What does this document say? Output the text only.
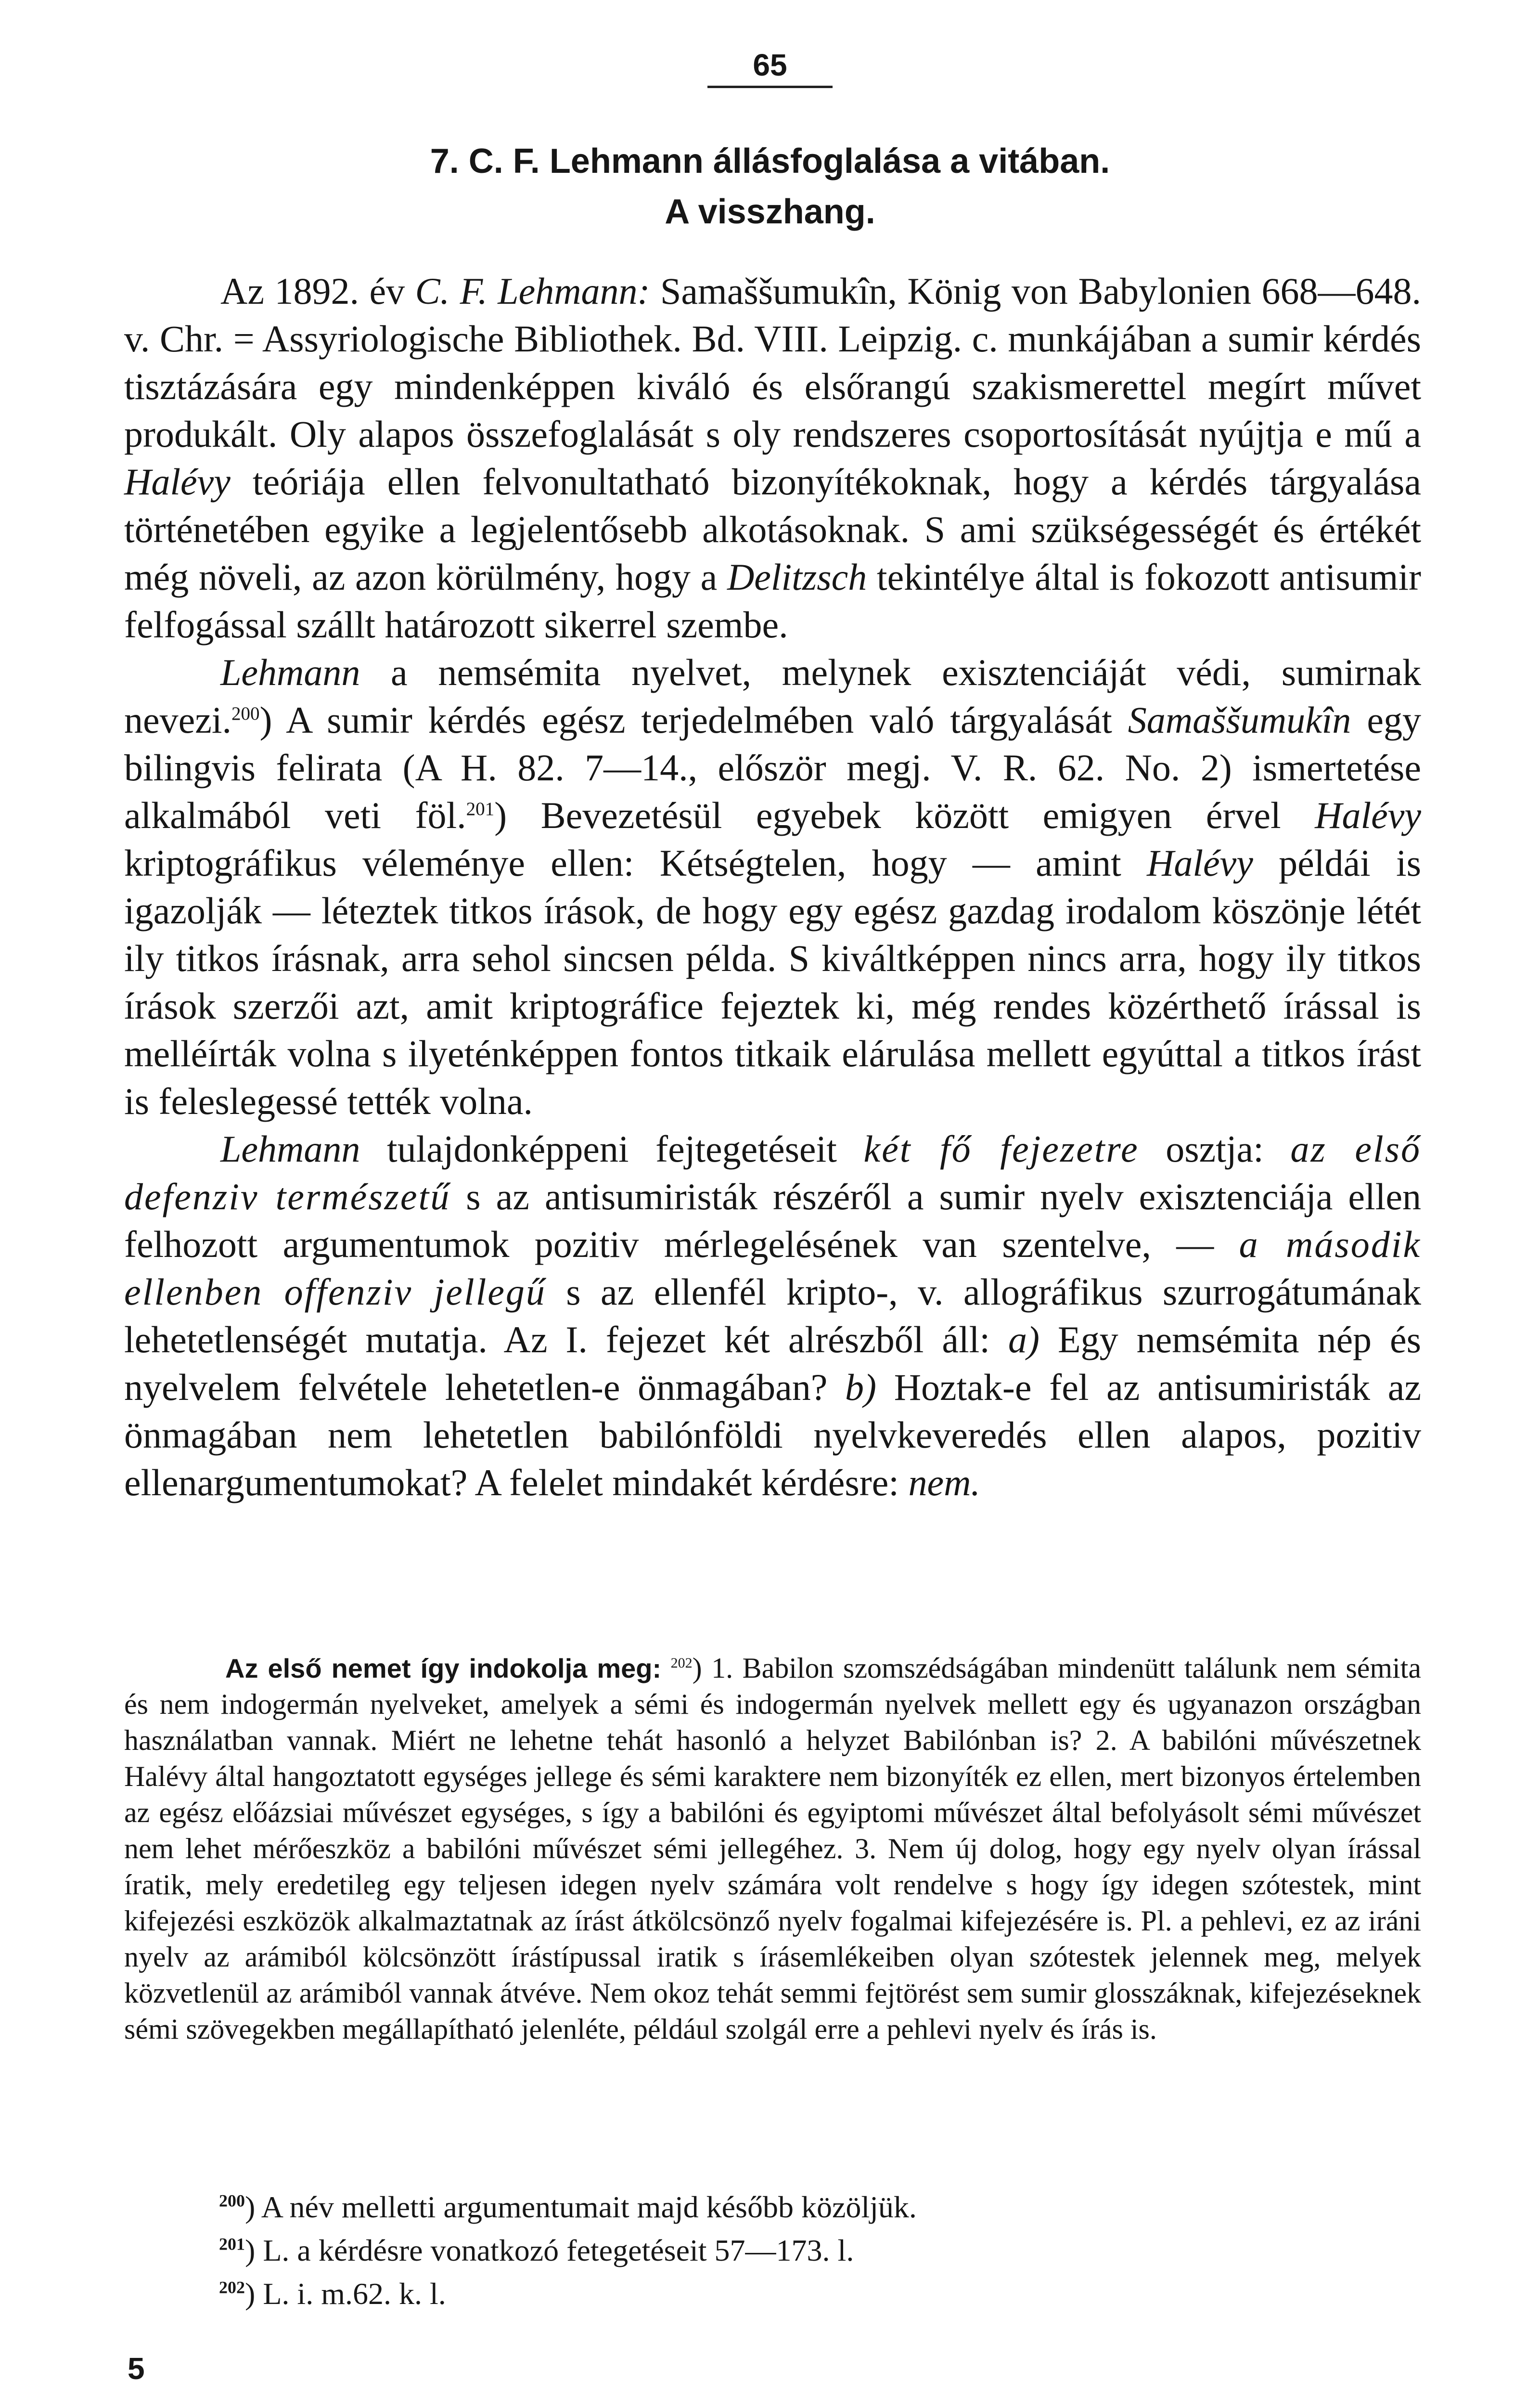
65
7. C. F. Lehmann állásfoglalása a vitában.
A visszhang.

Az 1892. év C. F. Lehmann: Samaššumukîn, König von Babylonien 668—648. v. Chr. = Assyriologische Bibliothek. Bd. VIII. Leipzig. c. munkájában a sumir kérdés tisztázására egy mindenképpen kiváló és elsőrangú szakismerettel megírt művet produkált. Oly alapos összefoglalását s oly rendszeres csoportosítását nyújtja e mű a Halévy teóriája ellen felvonultatható bizonyítékoknak, hogy a kérdés tárgyalása történetében egyike a legjelentősebb alkotásoknak. S ami szükségességét és értékét még növeli, az azon körülmény, hogy a Delitzsch tekintélye által is fokozott antisumir felfogással szállt határozott sikerrel szembe.

Lehmann a nemsémita nyelvet, melynek exisztenciáját védi, sumirnak nevezi.$^{200}$) A sumir kérdés egész terjedelmében való tárgyalását Samaššumukîn egy bilingvis felirata (A H. 82. 7—14., először megj. V. R. 62. No. 2) ismertetése alkalmából veti föl.$^{201}$) Bevezetésül egyebek között emigyen érvel Halévy kriptográfikus véleménye ellen: Kétségtelen, hogy — amint Halévy példái is igazolják — léteztek titkos írások, de hogy egy egész gazdag irodalom köszönje létét ily titkos írásnak, arra sehol sincsen példa. S kiváltképpen nincs arra, hogy ily titkos írások szerzői azt, amit kriptográfice fejeztek ki, még rendes közérthető írással is melléírták volna s ilyeténképpen fontos titkaik elárulása mellett egyúttal a titkos írást is feleslegessé tették volna.

Lehmann tulajdonképpeni fejtegetéseit két fő fejezetre osztja: az első defenziv természetű s az antisumiristák részéről a sumir nyelv exisztenciája ellen felhozott argumentumok pozitiv mérlegelésének van szentelve, — a második ellenben offenziv jellegű s az ellenfél kripto-, v. allográfikus szurrogátumának lehetetlenségét mutatja. Az I. fejezet két alrészből áll: a) Egy nemsémita nép és nyelvelem felvétele lehetetlen-e önmagában? b) Hoztak-e fel az antisumiristák az önmagában nem lehetetlen babilónföldi nyelvkeveredés ellen alapos, pozitiv ellenargumentumokat? A felelet mindakét kérdésre: nem.

Az első nemet így indokolja meg: $^{202}$) 1. Babilon szomszédságában mindenütt találunk nem sémita és nem indogermán nyelveket, amelyek a sémi és indogermán nyelvek mellett egy és ugyanazon országban használatban vannak. Miért ne lehetne tehát hasonló a helyzet Babilónban is? 2. A babilóni művészetnek Halévy által hangoztatott egységes jellege és sémi karaktere nem bizonyíték ez ellen, mert bizonyos értelemben az egész előázsiai művészet egységes, s így a babilóni és egyiptomi művészet által befolyásolt sémi művészet nem lehet mérőeszköz a babilóni művészet sémi jellegéhez. 3. Nem új dolog, hogy egy nyelv olyan írással íratik, mely eredetileg egy teljesen idegen nyelv számára volt rendelve s hogy így idegen szótestek, mint kifejezési eszközök alkalmaztatnak az írást átkölcsönző nyelv fogalmai kifejezésére is. Pl. a pehlevi, ez az iráni nyelv az arámiból kölcsönzött írástípussal iratik s írásemlékeiben olyan szótestek jelennek meg, melyek közvetlenül az arámiból vannak átvéve. Nem okoz tehát semmi fejtörést sem sumir glosszáknak, kifejezéseknek sémi szövegekben megállapítható jelenléte, például szolgál erre a pehlevi nyelv és írás is.

$^{200}$) A név melletti argumentumait majd később közöljük.
$^{201}$) L. a kérdésre vonatkozó fetegetéseit 57—173. l.
$^{202}$) L. i. m.62. k. l.
5
